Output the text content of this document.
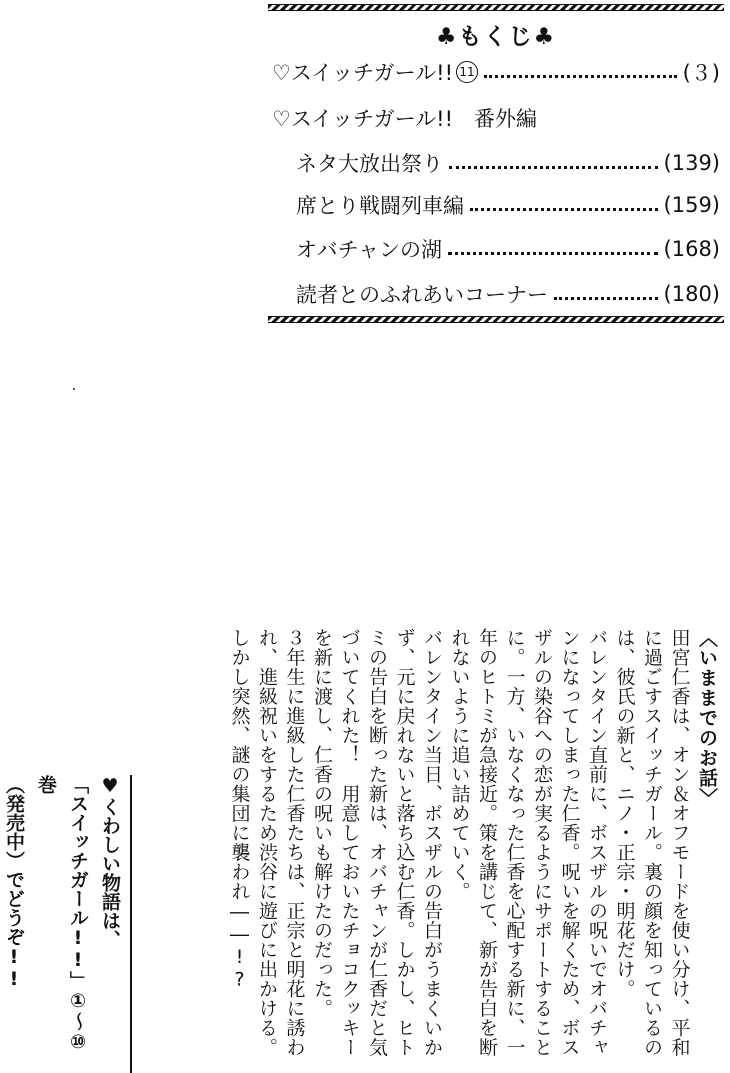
♣もくじ♣
♡スイッチガール!! 11	(３)
♡スイッチガール!!　番外編
ネタ大放出祭り	(139)
席とり戦闘列車編	(159)
オバチャンの湖	(168)
読者とのふれあいコーナー	(180)
〈いままでのお話〉

田宮仁香は、オン＆オフモードを使い分け、平和に過ごすスイッチガール。裏の顔を知っているのは、彼氏の新と、ニノ・正宗・明花だけ。

バレンタイン直前に、ボスザルの呪いでオバチャンになってしまった仁香。呪いを解くため、ボスザルの染谷への恋が実るようにサポートすることに。一方、いなくなった仁香を心配する新に、一年のヒトミが急接近。策を講じて、新が告白を断れないように追い詰めていく。

バレンタイン当日、ボスザルの告白がうまくいかず、元に戻れないと落ち込む仁香。しかし、ヒトミの告白を断った新は、オバチャンが仁香だと気づいてくれた！　用意しておいたチョコクッキーを新に渡し、仁香の呪いも解けたのだった。

３年生に進級した仁香たちは、正宗と明花に誘われ、進級祝いをするため渋谷に遊びに出かける。しかし突然、謎の集団に襲われ――!?

♥くわしい物語は、

「スイッチガール!!」①～⑩巻

（発売中）でどうぞ!!
